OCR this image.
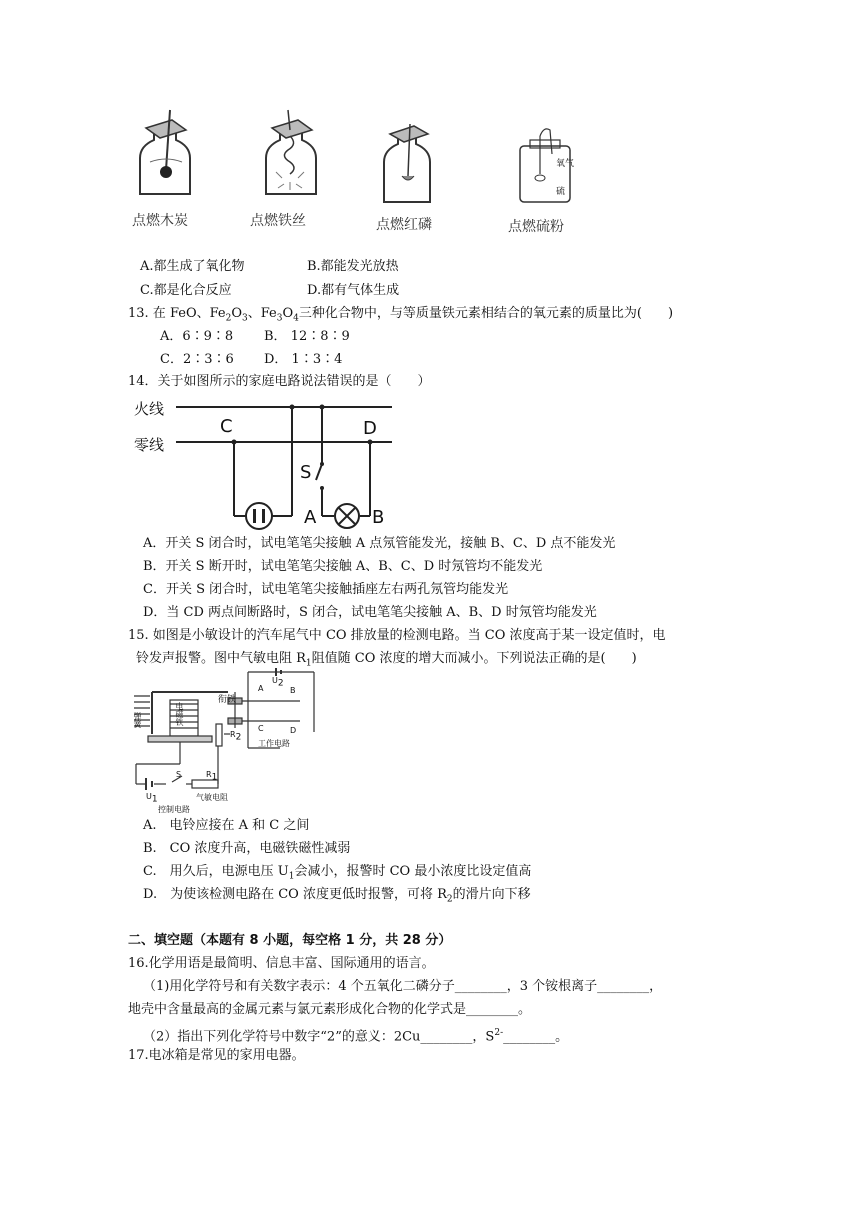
氧气
硫
点燃木炭	点燃铁丝	点燃红磷	点燃硫粉
A.都生成了氧化物	B.都能发光放热
C.都是化合反应	D.都有气体生成
13. 在 FeO、$Fe_2O_3$、$Fe_3O_4$三种化合物中，与等质量铁元素相结合的氧元素的质量比为(　　)
A．6∶9∶8 B． 12∶8∶9
C．2∶3∶6 D． 1∶3∶4
14．关于如图所示的家庭电路说法错误的是（　　）
火线
零线
C	D
S
A	B
A．开关 S 闭合时，试电笔笔尖接触 A 点氖管能发光，接触 B、C、D 点不能发光
B．开关 S 断开时，试电笔笔尖接触 A、B、C、D 时氖管均不能发光
C．开关 S 闭合时，试电笔笔尖接触插座左右两孔氖管均能发光
D．当 CD 两点间断路时，S 闭合，试电笔笔尖接触 A、B、D 时氖管均能发光
15. 如图是小敏设计的汽车尾气中 CO 排放量的检测电路。当 CO 浓度高于某一设定值时，电
铃发声报警。图中气敏电阻 $R_1$阻值随 CO 浓度的增大而减小。下列说法正确的是(　　)
衔铁
弹簧	电磁铁
$U_2$
A	B
C	D
$R_2$
工作电路
$U_1$
S	$R_1$
气敏电阻
控制电路
A.　电铃应接在 A 和 C 之间
B.　CO 浓度升高，电磁铁磁性减弱
C.　用久后，电源电压 $U_1$会减小，报警时 CO 最小浓度比设定值高
D.　为使该检测电路在 CO 浓度更低时报警，可将 $R_2$的滑片向下移
二、填空题（本题有 8 小题，每空格 1 分，共 28 分）
16.化学用语是最简明、信息丰富、国际通用的语言。
（1)用化学符号和有关数字表示：4 个五氧化二磷分子________，3 个铵根离子________，
地壳中含量最高的金属元素与氯元素形成化合物的化学式是________。
（2）指出下列化学符号中数字“2”的意义：2Cu________，$S^{2-}\_\_\_\_\_\_\_\_$。
17.电冰箱是常见的家用电器。
